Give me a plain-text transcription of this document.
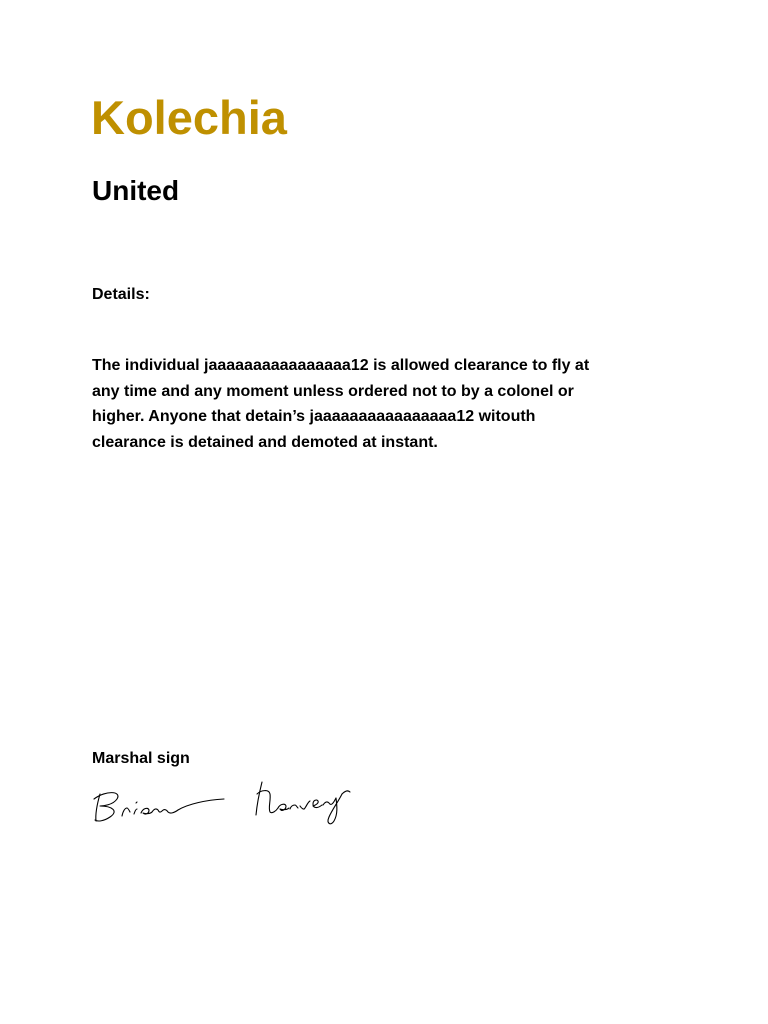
Kolechia
United

Details:

The individual jaaaaaaaaaaaaaaaa12 is allowed clearance to fly at
any time and any moment unless ordered not to by a colonel or
higher. Anyone that detain’s jaaaaaaaaaaaaaaaa12 witouth
clearance is detained and demoted at instant.

Marshal sign
